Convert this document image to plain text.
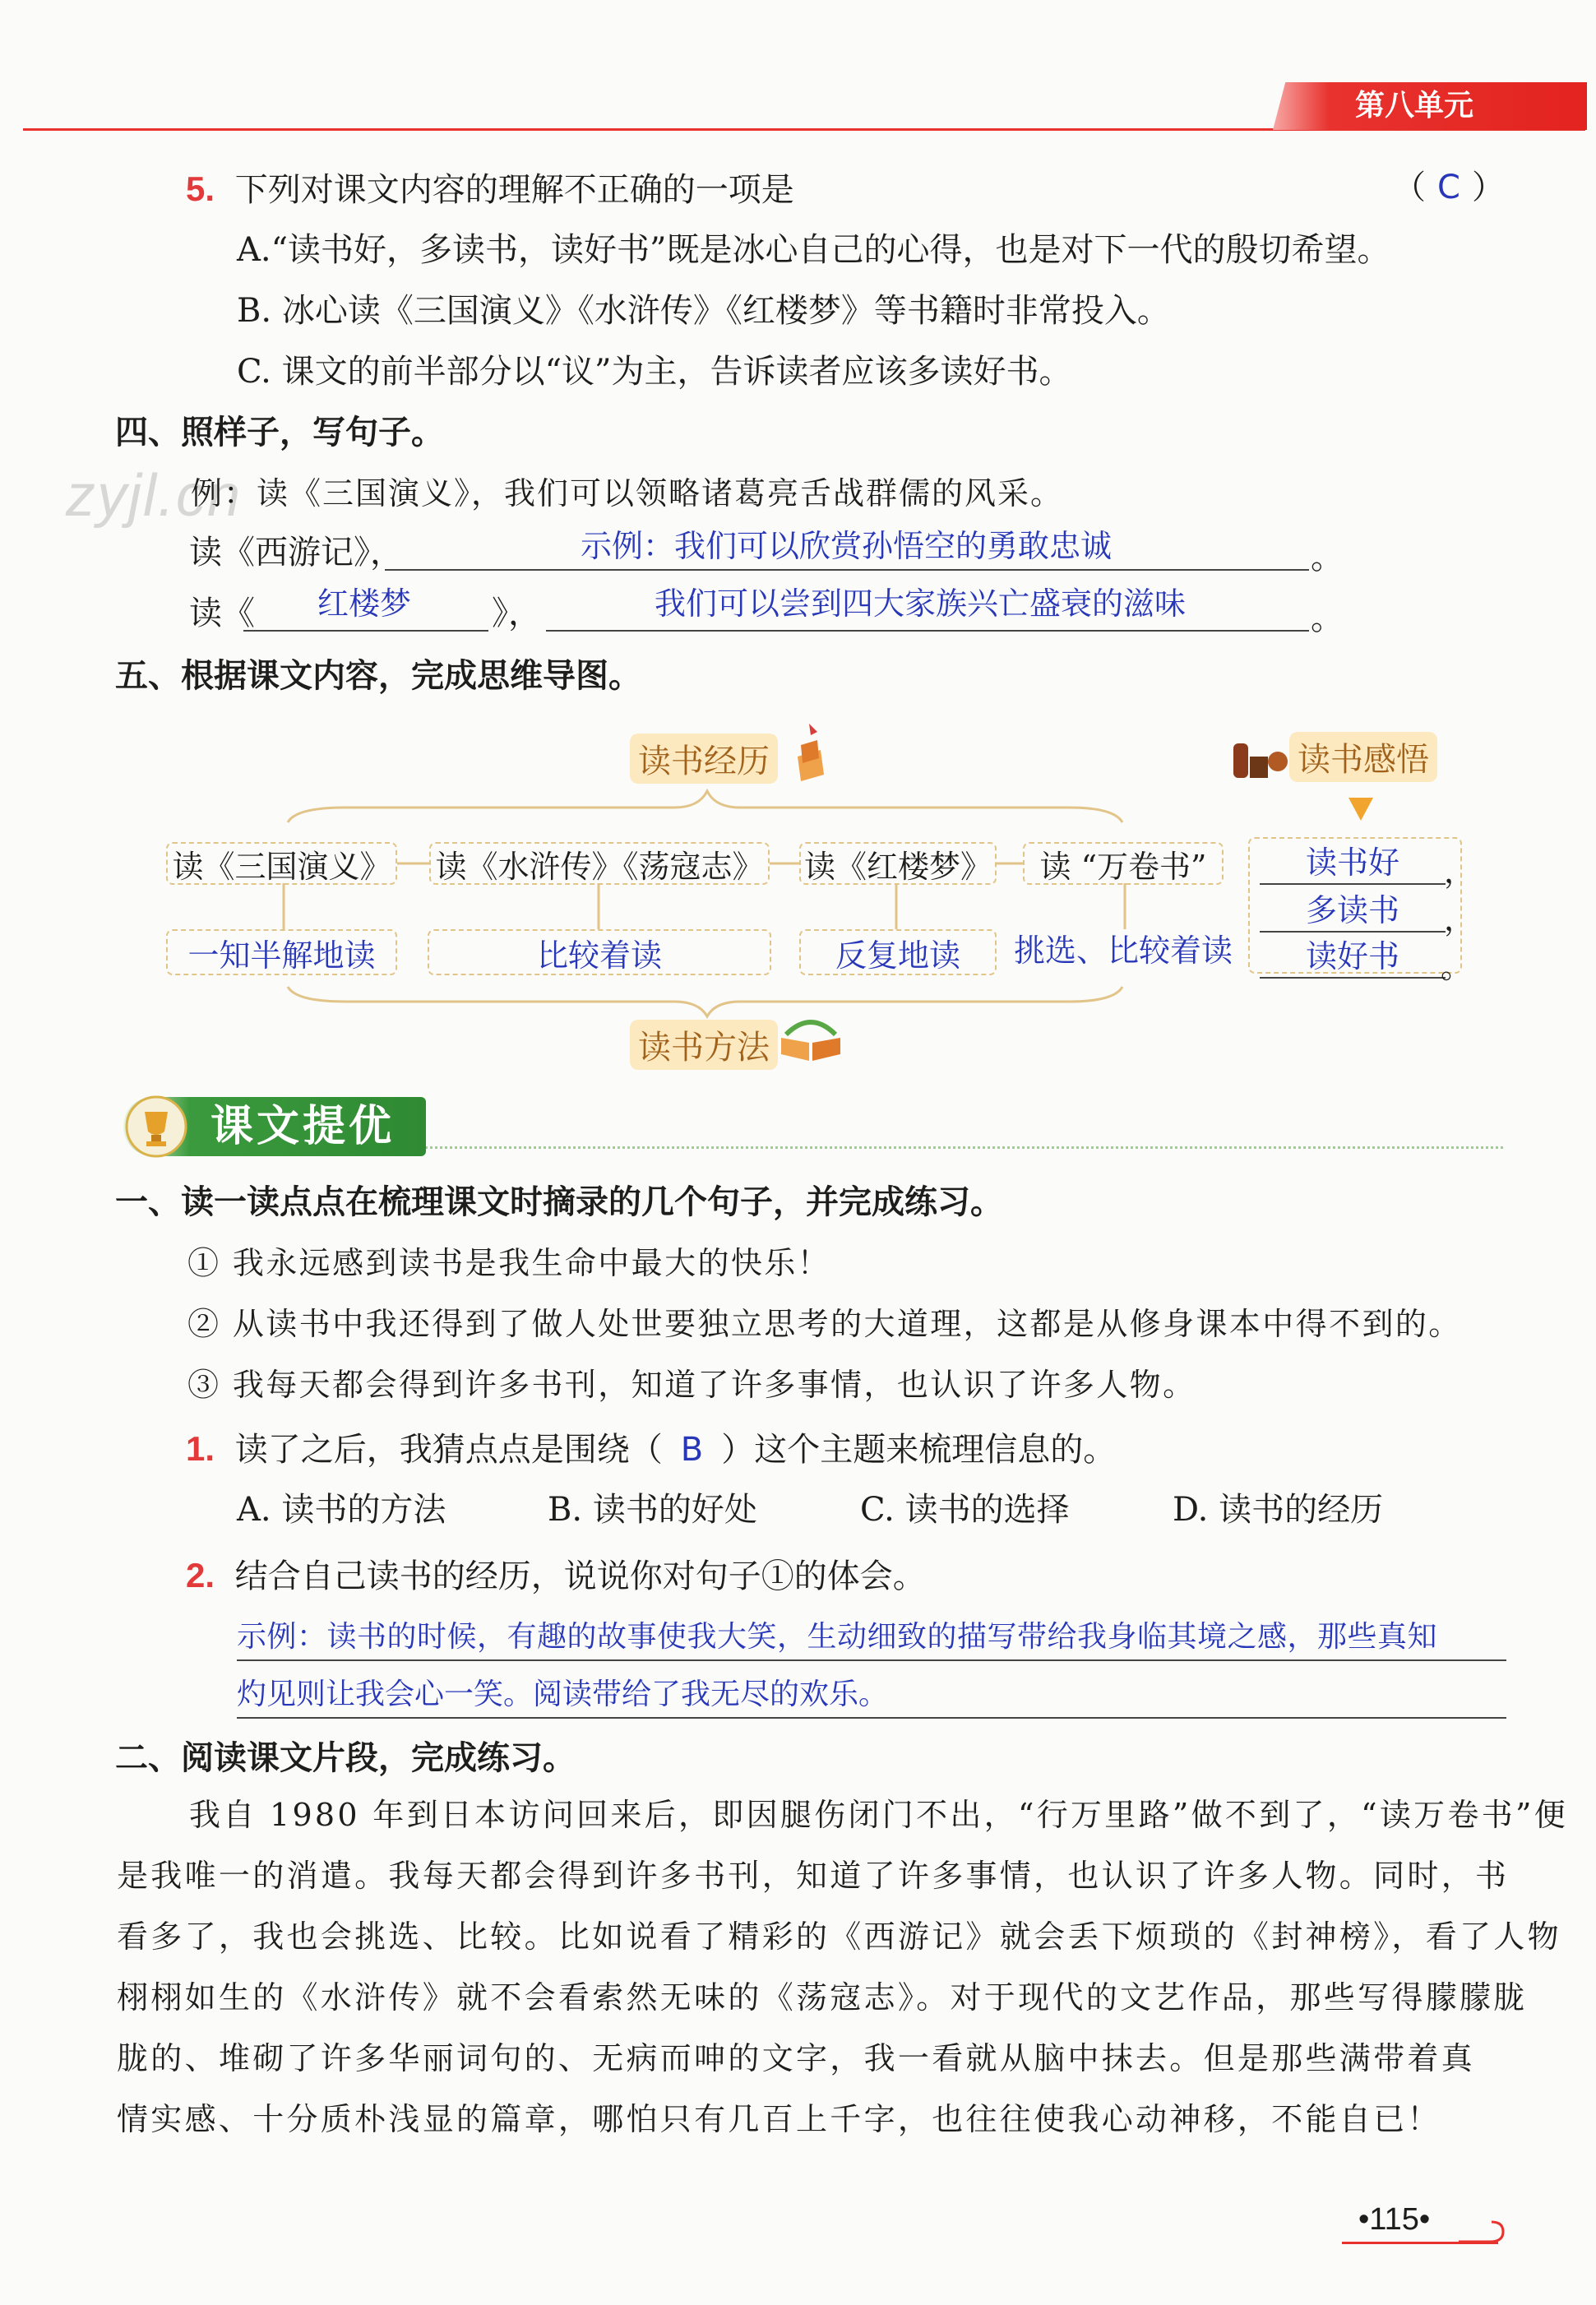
第八单元
zyjl.cn
5. 下列对课文内容的理解不正确的一项是	（ C ）
A.“读书好，多读书，读好书”既是冰心自己的心得，也是对下一代的殷切希望。
B. 冰心读《三国演义》《水浒传》《红楼梦》等书籍时非常投入。
C. 课文的前半部分以“议”为主，告诉读者应该多读好书。
四、照样子，写句子。
例：读《三国演义》，我们可以领略诸葛亮舌战群儒的风采。
读《西游记》，	示例：我们可以欣赏孙悟空的勇敢忠诚	。
读《 红楼梦 》，	我们可以尝到四大家族兴亡盛衰的滋味	。
五、根据课文内容，完成思维导图。
读书经历	读书感悟
读《三国演义》 读《水浒传》《荡寇志》 读《红楼梦》	读 “万卷书”
一知半解地读	比较着读	反复地读	挑选、比较着读
读书好	，
多读书	，
读好书	。
读书方法
课文提优
一、读一读点点在梳理课文时摘录的几个句子，并完成练习。
① 我永远感到读书是我生命中最大的快乐！
② 从读书中我还得到了做人处世要独立思考的大道理，这都是从修身课本中得不到的。
③ 我每天都会得到许多书刊，知道了许多事情，也认识了许多人物。
1. 读了之后，我猜点点是围绕（ B ）这个主题来梳理信息的。
A. 读书的方法	B. 读书的好处	C. 读书的选择	D. 读书的经历
2. 结合自己读书的经历，说说你对句子①的体会。
示例：读书的时候，有趣的故事使我大笑，生动细致的描写带给我身临其境之感，那些真知
灼见则让我会心一笑。阅读带给了我无尽的欢乐。
二、阅读课文片段，完成练习。
我自 1980 年到日本访问回来后，即因腿伤闭门不出，“行万里路”做不到了，“读万卷书”便
是我唯一的消遣。我每天都会得到许多书刊，知道了许多事情，也认识了许多人物。同时，书
看多了，我也会挑选、比较。比如说看了精彩的《西游记》就会丢下烦琐的《封神榜》，看了人物
栩栩如生的《水浒传》就不会看索然无味的《荡寇志》。对于现代的文艺作品，那些写得朦朦胧
胧的、堆砌了许多华丽词句的、无病而呻的文字，我一看就从脑中抹去。但是那些满带着真
情实感、十分质朴浅显的篇章，哪怕只有几百上千字，也往往使我心动神移，不能自已！
•115•
